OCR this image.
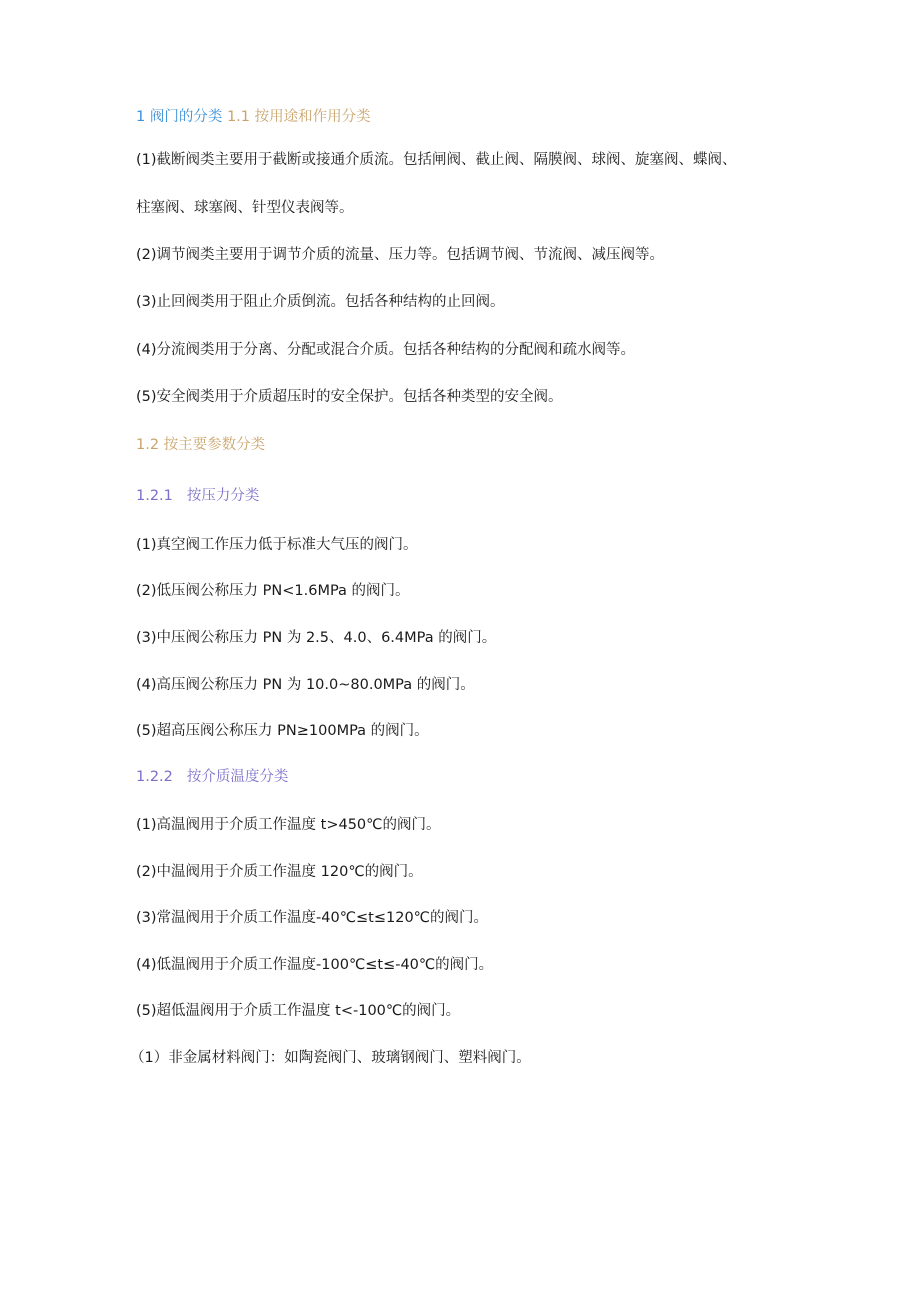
1 阀门的分类 1.1 按用途和作用分类
(1)截断阀类主要用于截断或接通介质流。包括闸阀、截止阀、隔膜阀、球阀、旋塞阀、蝶阀、
柱塞阀、球塞阀、针型仪表阀等。
(2)调节阀类主要用于调节介质的流量、压力等。包括调节阀、节流阀、减压阀等。
(3)止回阀类用于阻止介质倒流。包括各种结构的止回阀。
(4)分流阀类用于分离、分配或混合介质。包括各种结构的分配阀和疏水阀等。
(5)安全阀类用于介质超压时的安全保护。包括各种类型的安全阀。
1.2 按主要参数分类
1.2.1 按压力分类
(1)真空阀工作压力低于标准大气压的阀门。
(2)低压阀公称压力 PN<1.6MPa 的阀门。
(3)中压阀公称压力 PN 为 2.5、4.0、6.4MPa 的阀门。
(4)高压阀公称压力 PN 为 10.0~80.0MPa 的阀门。
(5)超高压阀公称压力 PN≥100MPa 的阀门。
1.2.2 按介质温度分类
(1)高温阀用于介质工作温度 t>450℃的阀门。
(2)中温阀用于介质工作温度 120℃的阀门。
(3)常温阀用于介质工作温度-40℃≤t≤120℃的阀门。
(4)低温阀用于介质工作温度-100℃≤t≤-40℃的阀门。
(5)超低温阀用于介质工作温度 t<-100℃的阀门。
（1）非金属材料阀门：如陶瓷阀门、玻璃钢阀门、塑料阀门。
